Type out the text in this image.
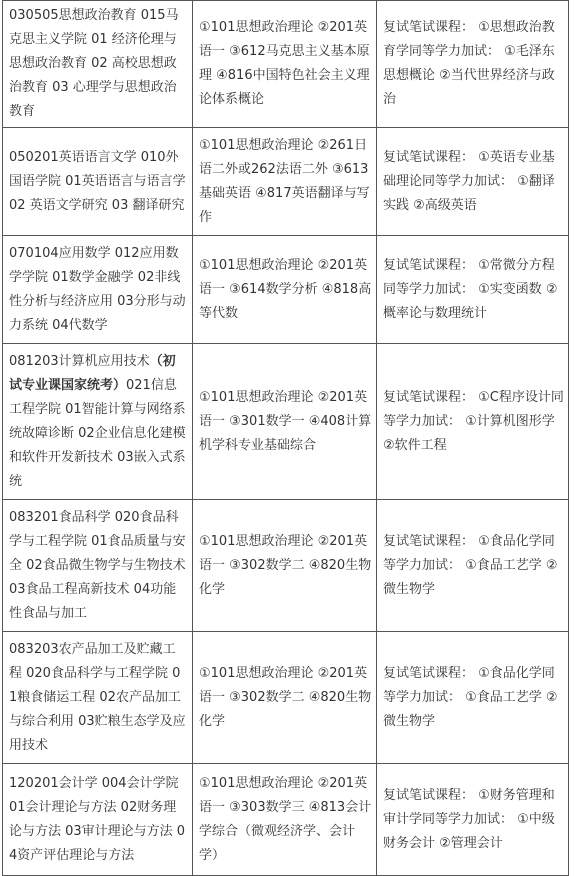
030505思想政治教育 015马克思主义学院 01 经济伦理与思想政治教育 02 高校思想政治教育 03 心理学与思想政治教育	①101思想政治理论 ②201英语一 ③612马克思主义基本原理 ④816中国特色社会主义理论体系概论	复试笔试课程： ①思想政治教育学同等学力加试： ①毛泽东思想概论 ②当代世界经济与政治
050201英语语言文学 010外国语学院 01英语语言与语言学 02 英语文学研究 03 翻译研究	①101思想政治理论 ②261日语二外或262法语二外 ③613基础英语 ④817英语翻译与写作	复试笔试课程： ①英语专业基础理论同等学力加试： ①翻译实践 ②高级英语
070104应用数学 012应用数学学院 01数学金融学 02非线性分析与经济应用 03分形与动力系统 04代数学	①101思想政治理论 ②201英语一 ③614数学分析 ④818高等代数	复试笔试课程： ①常微分方程同等学力加试： ①实变函数 ②概率论与数理统计
081203计算机应用技术（初试专业课国家统考）021信息工程学院 01智能计算与网络系统故障诊断 02企业信息化建模和软件开发新技术 03嵌入式系统	①101思想政治理论 ②201英语一 ③301数学一 ④408计算机学科专业基础综合	复试笔试课程： ①C程序设计同等学力加试： ①计算机图形学 ②软件工程
083201食品科学 020食品科学与工程学院 01食品质量与安全 02食品微生物学与生物技术 03食品工程高新技术 04功能性食品与加工	①101思想政治理论 ②201英语一 ③302数学二 ④820生物化学	复试笔试课程： ①食品化学同等学力加试： ①食品工艺学 ②微生物学
083203农产品加工及贮藏工程 020食品科学与工程学院 01粮食储运工程 02农产品加工与综合利用 03贮粮生态学及应用技术	①101思想政治理论 ②201英语一 ③302数学二 ④820生物化学	复试笔试课程： ①食品化学同等学力加试： ①食品工艺学 ②微生物学
120201会计学 004会计学院 01会计理论与方法 02财务理论与方法 03审计理论与方法 04资产评估理论与方法	①101思想政治理论 ②201英语一 ③303数学三 ④813会计学综合（微观经济学、会计学）	复试笔试课程： ①财务管理和审计学同等学力加试： ①中级财务会计 ②管理会计
